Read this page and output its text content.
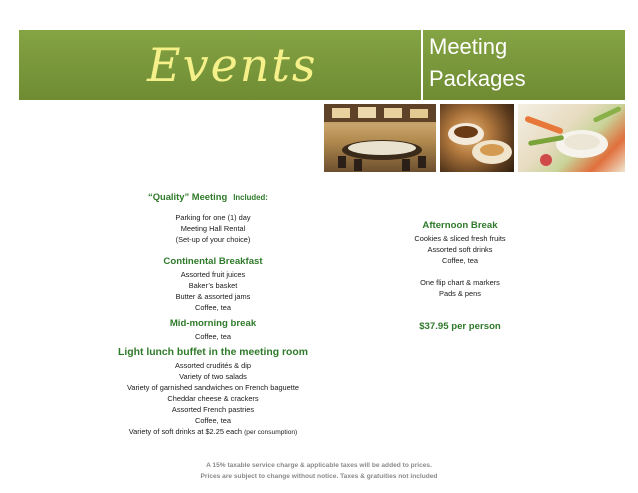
Events	Meeting
Packages
“Quality” Meeting Included:
Parking for one (1) day
Meeting Hall Rental
(Set-up of your choice)
Continental Breakfast
Assorted fruit juices
Baker’s basket
Butter & assorted jams
Coffee, tea
Mid-morning break
Coffee, tea
Light lunch buffet in the meeting room
Assorted crudités & dip
Variety of two salads
Variety of garnished sandwiches on French baguette
Cheddar cheese & crackers
Assorted French pastries
Coffee, tea
Variety of soft drinks at $2.25 each (per consumption)
Afternoon Break
Cookies & sliced fresh fruits
Assorted soft drinks
Coffee, tea
One flip chart & markers
Pads & pens
$37.95 per person
A 15% taxable service charge & applicable taxes will be added to prices.
Prices are subject to change without notice. Taxes & gratuities not included
